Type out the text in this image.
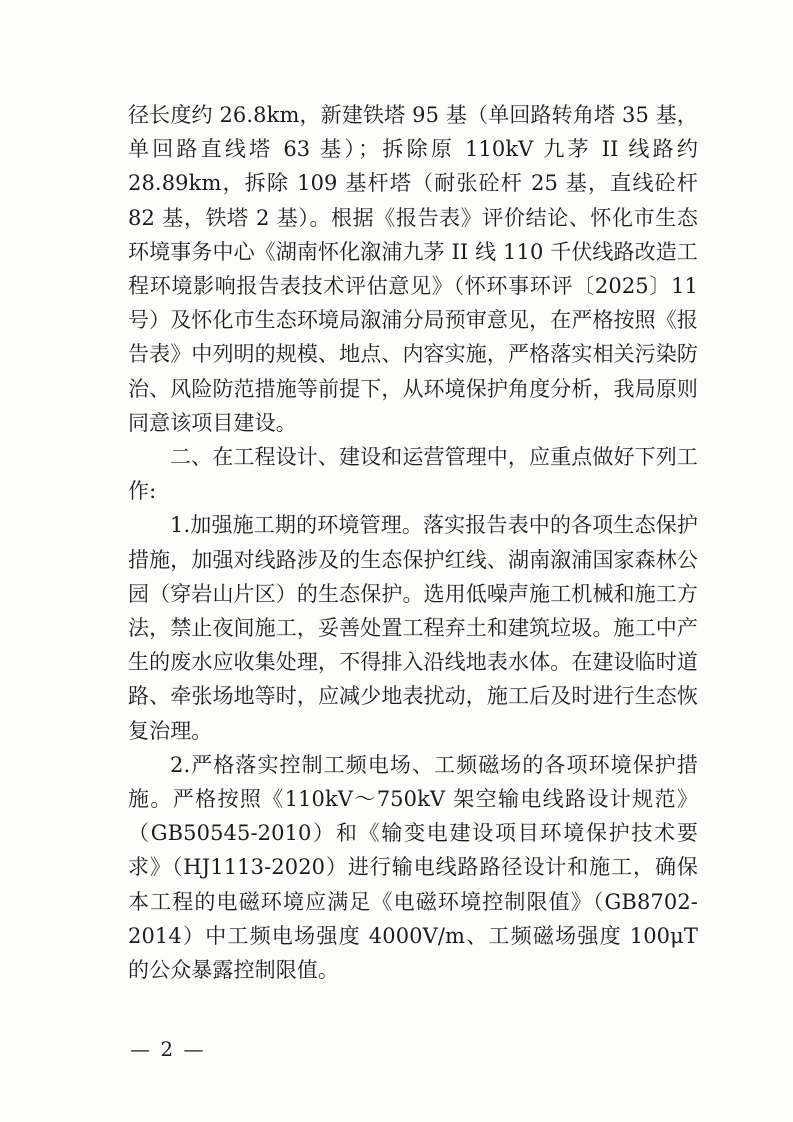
径长度约 26.8km，新建铁塔 95 基（单回路转角塔 35 基，单回路直线塔 63 基）；拆除原 110kV 九茅 II 线路约 28.89km，拆除 109 基杆塔（耐张砼杆 25 基，直线砼杆 82 基，铁塔 2 基）。根据《报告表》评价结论、怀化市生态环境事务中心《湖南怀化溆浦九茅 II 线 110 千伏线路改造工程环境影响报告表技术评估意见》（怀环事环评〔2025〕11 号）及怀化市生态环境局溆浦分局预审意见，在严格按照《报告表》中列明的规模、地点、内容实施，严格落实相关污染防治、风险防范措施等前提下，从环境保护角度分析，我局原则同意该项目建设。

二、在工程设计、建设和运营管理中，应重点做好下列工作:

1.加强施工期的环境管理。落实报告表中的各项生态保护措施，加强对线路涉及的生态保护红线、湖南溆浦国家森林公园（穿岩山片区）的生态保护。选用低噪声施工机械和施工方法，禁止夜间施工，妥善处置工程弃土和建筑垃圾。施工中产生的废水应收集处理，不得排入沿线地表水体。在建设临时道路、牵张场地等时，应减少地表扰动，施工后及时进行生态恢复治理。

2.严格落实控制工频电场、工频磁场的各项环境保护措施。严格按照《110kV～750kV 架空输电线路设计规范》（GB50545-2010）和《输变电建设项目环境保护技术要求》（HJ1113-2020）进行输电线路路径设计和施工，确保本工程的电磁环境应满足《电磁环境控制限值》（GB8702-2014）中工频电场强度 4000V/m、工频磁场强度 100μT 的公众暴露控制限值。

— 2 —
